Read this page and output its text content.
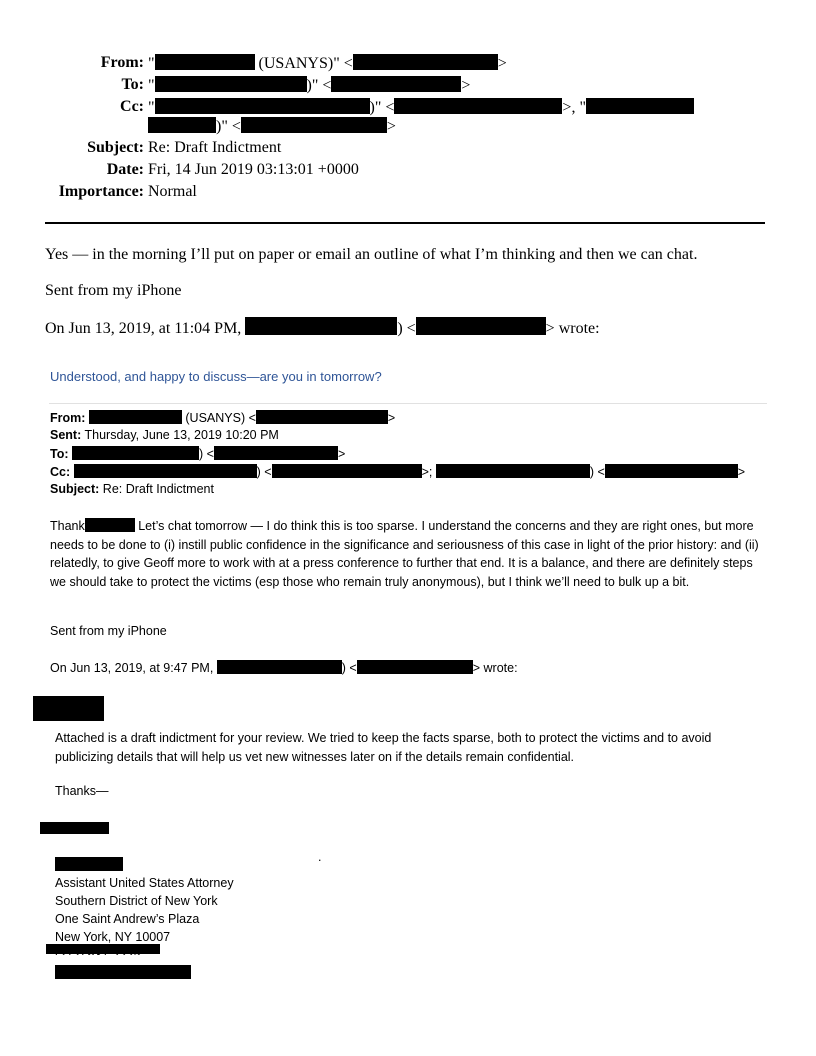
From: "	(USANYS)" <	>
To: "	)" <	>
Cc: "	)" <	>, "
)" <	>
Subject: Re: Draft Indictment
Date: Fri, 14 Jun 2019 03:13:01 +0000
Importance: Normal
Yes — in the morning I’ll put on paper or email an outline of what I’m thinking and then we can chat.
Sent from my iPhone
On Jun 13, 2019, at 11:04 PM,	) <	> wrote:
Understood, and happy to discuss—are you in tomorrow?
From:	(USANYS) <	>
Sent: Thursday, June 13, 2019 10:20 PM
To:	) <	>
Cc:	) <	>;	) <	>
Subject: Re: Draft Indictment
Thank	Let’s chat tomorrow — I do think this is too sparse. I understand the concerns and they are right ones, but more needs to be done to (i) instill public confidence in the significance and seriousness of this case in light of the prior history: and (ii) relatedly, to give Geoff more to work with at a press conference to further that end. It is a balance, and there are definitely steps we should take to protect the victims (esp those who remain truly anonymous), but I think we’ll need to bulk up a bit.
Sent from my iPhone
On Jun 13, 2019, at 9:47 PM,	) <	> wrote:
Attached is a draft indictment for your review. We tried to keep the facts sparse, both to protect the victims and to avoid publicizing details that will help us vet new witnesses later on if the details remain confidential.
Thanks—
.
Assistant United States Attorney
Southern District of New York
One Saint Andrew’s Plaza
New York, NY 10007
